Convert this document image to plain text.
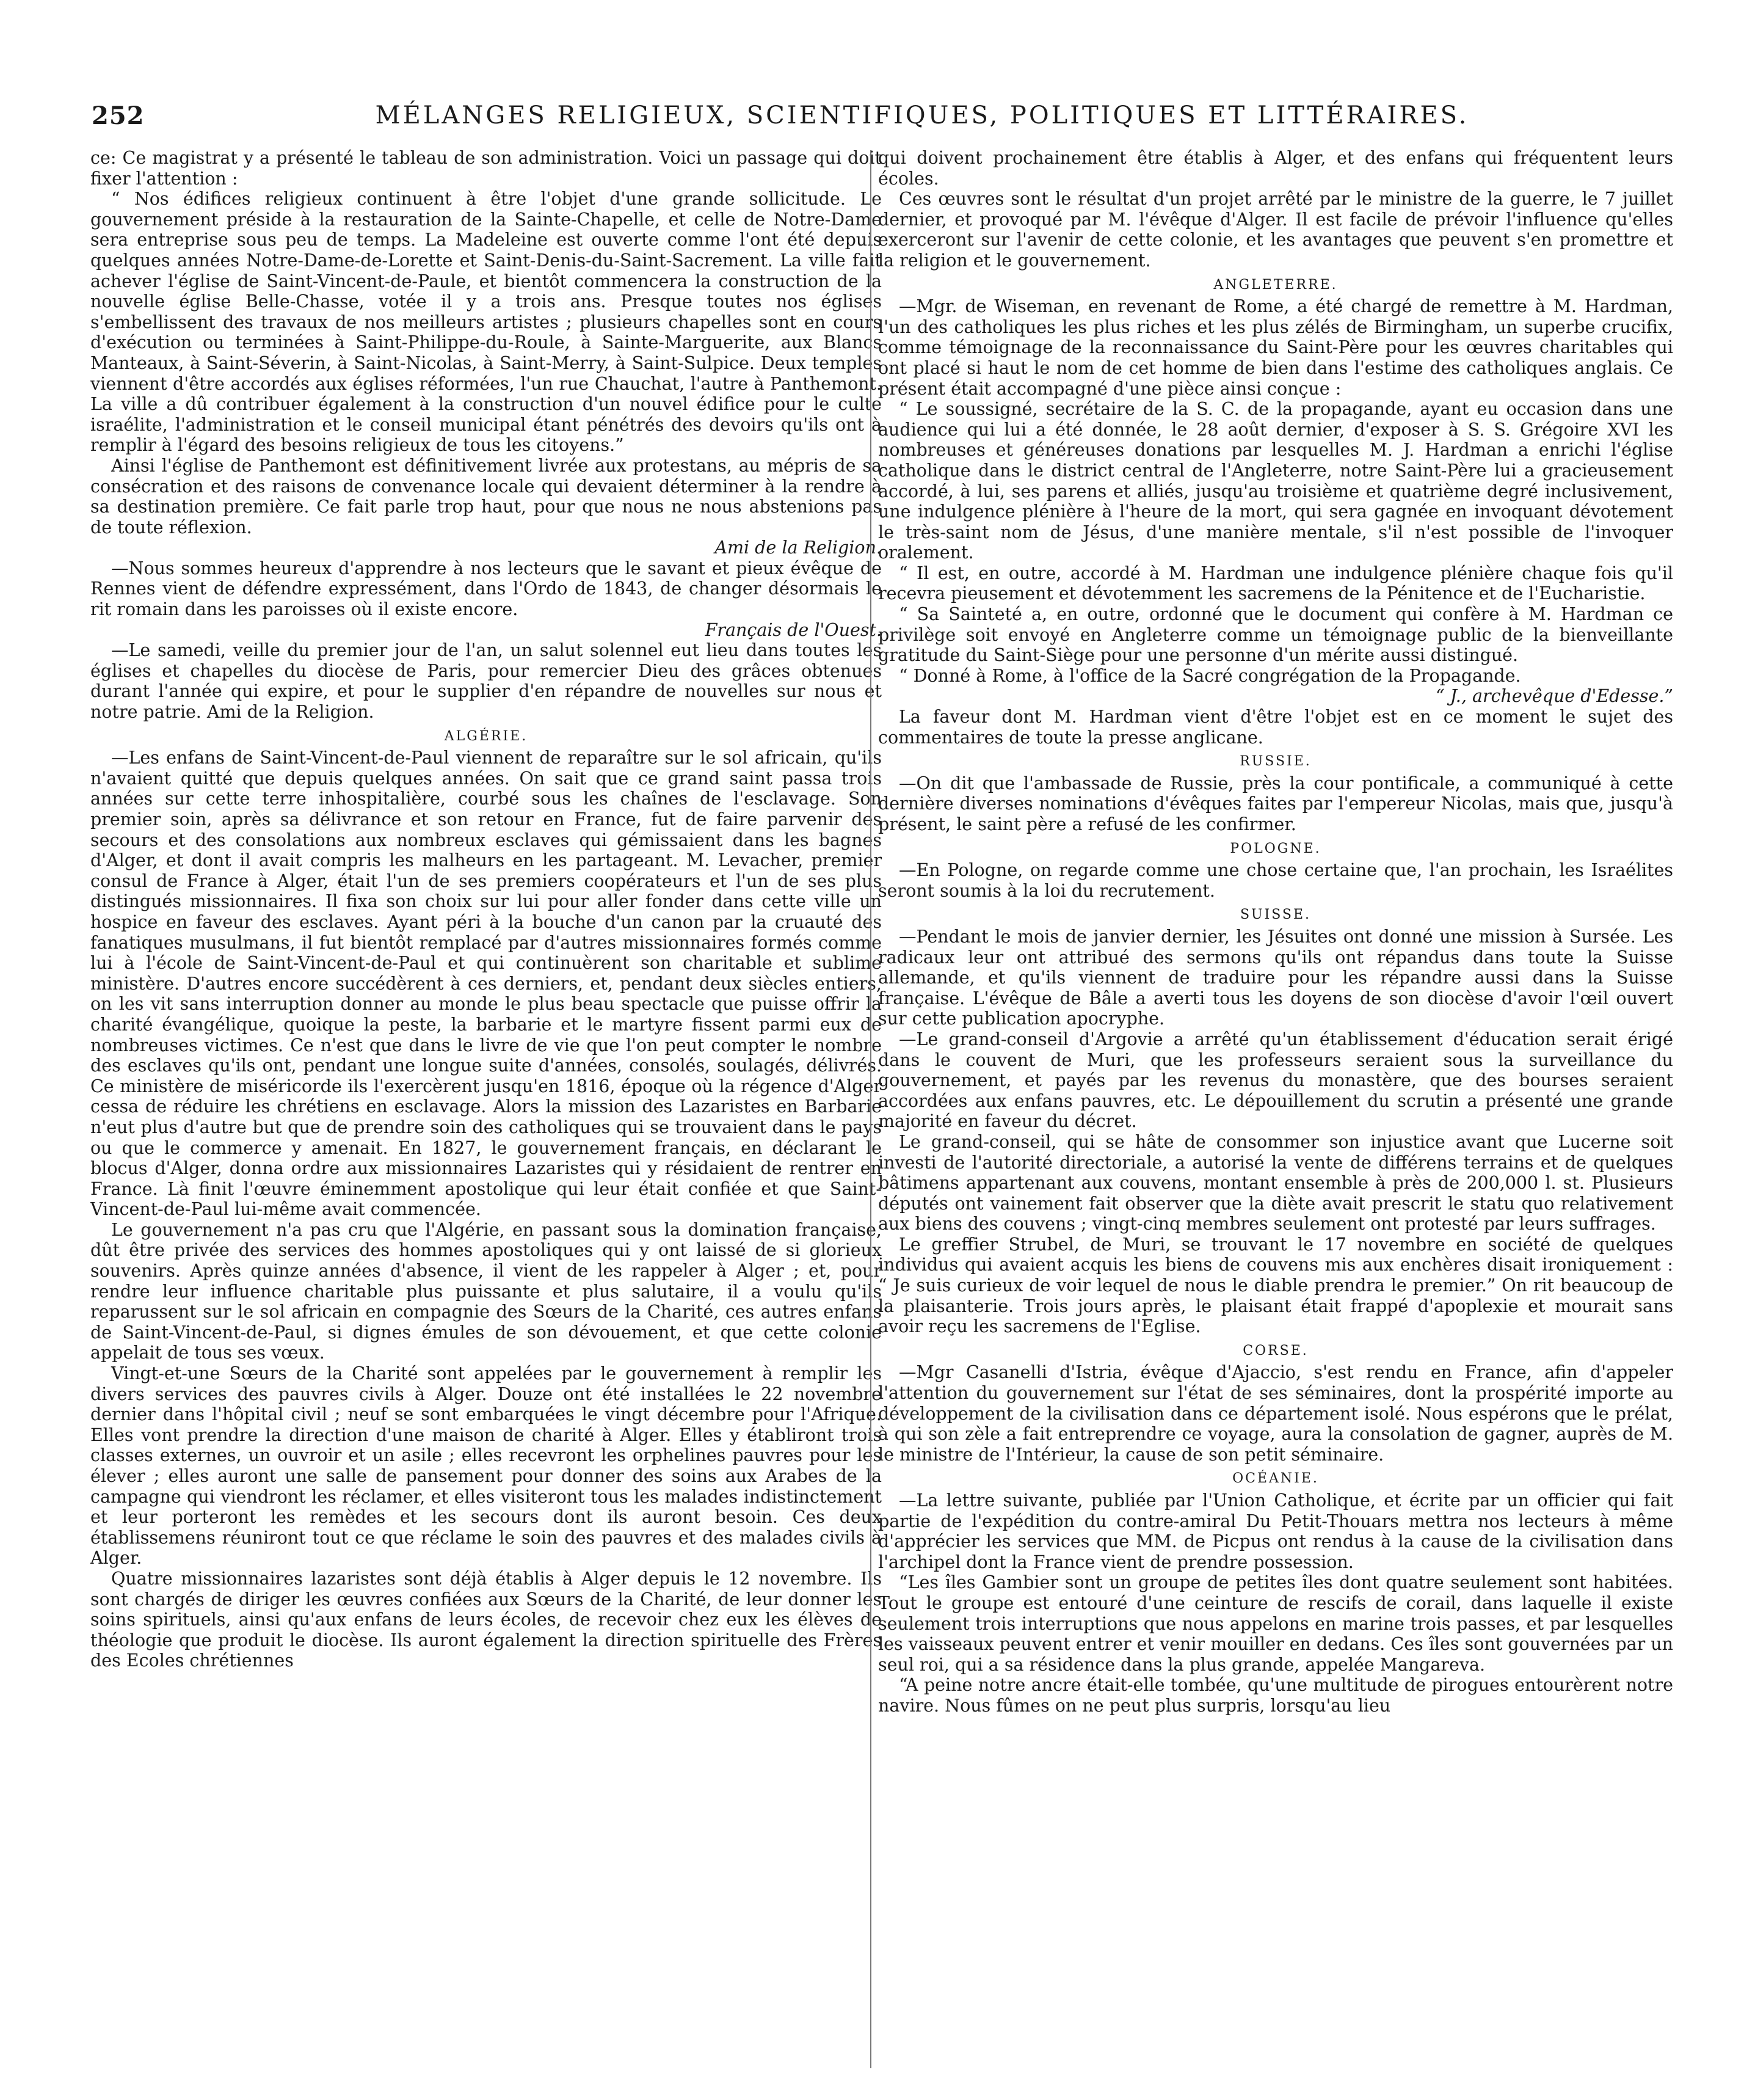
252	MÉLANGES RELIGIEUX, SCIENTIFIQUES, POLITIQUES ET LITTÉRAIRES.

ce: Ce magistrat y a présenté le tableau de son administration. Voici un passage qui doit fixer l'attention :

“ Nos édifices religieux continuent à être l'objet d'une grande sollicitude. Le gouvernement préside à la restauration de la Sainte-Chapelle, et celle de Notre-Dame sera entreprise sous peu de temps. La Madeleine est ouverte comme l'ont été depuis quelques années Notre-Dame-de-Lorette et Saint-Denis-du-Saint-Sacrement. La ville fait achever l'église de Saint-Vincent-de-Paule, et bientôt commencera la construction de la nouvelle église Belle-Chasse, votée il y a trois ans. Presque toutes nos églises s'embellissent des travaux de nos meilleurs artistes ; plusieurs chapelles sont en cours d'exécution ou terminées à Saint-Philippe-du-Roule, à Sainte-Marguerite, aux Blancs Manteaux, à Saint-Séverin, à Saint-Nicolas, à Saint-Merry, à Saint-Sulpice. Deux temples viennent d'être accordés aux églises réformées, l'un rue Chauchat, l'autre à Panthemont. La ville a dû contribuer également à la construction d'un nouvel édifice pour le culte israélite, l'administration et le conseil municipal étant pénétrés des devoirs qu'ils ont à remplir à l'égard des besoins religieux de tous les citoyens.”

Ainsi l'église de Panthemont est définitivement livrée aux protestans, au mépris de sa consécration et des raisons de convenance locale qui devaient déterminer à la rendre à sa destination première. Ce fait parle trop haut, pour que nous ne nous abstenions pas de toute réflexion.

Ami de la Religion.

—Nous sommes heureux d'apprendre à nos lecteurs que le savant et pieux évêque de Rennes vient de défendre expressément, dans l'Ordo de 1843, de changer désormais le rit romain dans les paroisses où il existe encore.

Français de l'Ouest.

—Le samedi, veille du premier jour de l'an, un salut solennel eut lieu dans toutes les églises et chapelles du diocèse de Paris, pour remercier Dieu des grâces obtenues durant l'année qui expire, et pour le supplier d'en répandre de nouvelles sur nous et notre patrie. Ami de la Religion.

ALGÉRIE.

—Les enfans de Saint-Vincent-de-Paul viennent de reparaître sur le sol africain, qu'ils n'avaient quitté que depuis quelques années. On sait que ce grand saint passa trois années sur cette terre inhospitalière, courbé sous les chaînes de l'esclavage. Son premier soin, après sa délivrance et son retour en France, fut de faire parvenir des secours et des consolations aux nombreux esclaves qui gémissaient dans les bagnes d'Alger, et dont il avait compris les malheurs en les partageant. M. Levacher, premier consul de France à Alger, était l'un de ses premiers coopérateurs et l'un de ses plus distingués missionnaires. Il fixa son choix sur lui pour aller fonder dans cette ville un hospice en faveur des esclaves. Ayant péri à la bouche d'un canon par la cruauté des fanatiques musulmans, il fut bientôt remplacé par d'autres missionnaires formés comme lui à l'école de Saint-Vincent-de-Paul et qui continuèrent son charitable et sublime ministère. D'autres encore succédèrent à ces derniers, et, pendant deux siècles entiers, on les vit sans interruption donner au monde le plus beau spectacle que puisse offrir la charité évangélique, quoique la peste, la barbarie et le martyre fissent parmi eux de nombreuses victimes. Ce n'est que dans le livre de vie que l'on peut compter le nombre des esclaves qu'ils ont, pendant une longue suite d'années, consolés, soulagés, délivrés. Ce ministère de miséricorde ils l'exercèrent jusqu'en 1816, époque où la régence d'Alger cessa de réduire les chrétiens en esclavage. Alors la mission des Lazaristes en Barbarie n'eut plus d'autre but que de prendre soin des catholiques qui se trouvaient dans le pays ou que le commerce y amenait. En 1827, le gouvernement français, en déclarant le blocus d'Alger, donna ordre aux missionnaires Lazaristes qui y résidaient de rentrer en France. Là finit l'œuvre éminemment apostolique qui leur était confiée et que Saint-Vincent-de-Paul lui-même avait commencée.

Le gouvernement n'a pas cru que l'Algérie, en passant sous la domination française, dût être privée des services des hommes apostoliques qui y ont laissé de si glorieux souvenirs. Après quinze années d'absence, il vient de les rappeler à Alger ; et, pour rendre leur influence charitable plus puissante et plus salutaire, il a voulu qu'ils reparussent sur le sol africain en compagnie des Sœurs de la Charité, ces autres enfans de Saint-Vincent-de-Paul, si dignes émules de son dévouement, et que cette colonie appelait de tous ses vœux.

Vingt-et-une Sœurs de la Charité sont appelées par le gouvernement à remplir les divers services des pauvres civils à Alger. Douze ont été installées le 22 novembre dernier dans l'hôpital civil ; neuf se sont embarquées le vingt décembre pour l'Afrique. Elles vont prendre la direction d'une maison de charité à Alger. Elles y établiront trois classes externes, un ouvroir et un asile ; elles recevront les orphelines pauvres pour les élever ; elles auront une salle de pansement pour donner des soins aux Arabes de la campagne qui viendront les réclamer, et elles visiteront tous les malades indistinctement et leur porteront les remèdes et les secours dont ils auront besoin. Ces deux établissemens réuniront tout ce que réclame le soin des pauvres et des malades civils à Alger.

Quatre missionnaires lazaristes sont déjà établis à Alger depuis le 12 novembre. Ils sont chargés de diriger les œuvres confiées aux Sœurs de la Charité, de leur donner les soins spirituels, ainsi qu'aux enfans de leurs écoles, de recevoir chez eux les élèves de théologie que produit le diocèse. Ils auront également la direction spirituelle des Frères des Ecoles chrétiennes

qui doivent prochainement être établis à Alger, et des enfans qui fréquentent leurs écoles.

Ces œuvres sont le résultat d'un projet arrêté par le ministre de la guerre, le 7 juillet dernier, et provoqué par M. l'évêque d'Alger. Il est facile de prévoir l'influence qu'elles exerceront sur l'avenir de cette colonie, et les avantages que peuvent s'en promettre et la religion et le gouvernement.

ANGLETERRE.

—Mgr. de Wiseman, en revenant de Rome, a été chargé de remettre à M. Hardman, l'un des catholiques les plus riches et les plus zélés de Birmingham, un superbe crucifix, comme témoignage de la reconnaissance du Saint-Père pour les œuvres charitables qui ont placé si haut le nom de cet homme de bien dans l'estime des catholiques anglais. Ce présent était accompagné d'une pièce ainsi conçue :

“ Le soussigné, secrétaire de la S. C. de la propagande, ayant eu occasion dans une audience qui lui a été donnée, le 28 août dernier, d'exposer à S. S. Grégoire XVI les nombreuses et généreuses donations par lesquelles M. J. Hardman a enrichi l'église catholique dans le district central de l'Angleterre, notre Saint-Père lui a gracieusement accordé, à lui, ses parens et alliés, jusqu'au troisième et quatrième degré inclusivement, une indulgence plénière à l'heure de la mort, qui sera gagnée en invoquant dévotement le très-saint nom de Jésus, d'une manière mentale, s'il n'est possible de l'invoquer oralement.

“ Il est, en outre, accordé à M. Hardman une indulgence plénière chaque fois qu'il recevra pieusement et dévotemment les sacremens de la Pénitence et de l'Eucharistie.

“ Sa Sainteté a, en outre, ordonné que le document qui confère à M. Hardman ce privilège soit envoyé en Angleterre comme un témoignage public de la bienveillante gratitude du Saint-Siège pour une personne d'un mérite aussi distingué.

“ Donné à Rome, à l'office de la Sacré congrégation de la Propagande.

“ J., archevêque d'Edesse.”

La faveur dont M. Hardman vient d'être l'objet est en ce moment le sujet des commentaires de toute la presse anglicane.

RUSSIE.

—On dit que l'ambassade de Russie, près la cour pontificale, a communiqué à cette dernière diverses nominations d'évêques faites par l'empereur Nicolas, mais que, jusqu'à présent, le saint père a refusé de les confirmer.

POLOGNE.

—En Pologne, on regarde comme une chose certaine que, l'an prochain, les Israélites seront soumis à la loi du recrutement.

SUISSE.

—Pendant le mois de janvier dernier, les Jésuites ont donné une mission à Sursée. Les radicaux leur ont attribué des sermons qu'ils ont répandus dans toute la Suisse allemande, et qu'ils viennent de traduire pour les répandre aussi dans la Suisse française. L'évêque de Bâle a averti tous les doyens de son diocèse d'avoir l'œil ouvert sur cette publication apocryphe.

—Le grand-conseil d'Argovie a arrêté qu'un établissement d'éducation serait érigé dans le couvent de Muri, que les professeurs seraient sous la surveillance du gouvernement, et payés par les revenus du monastère, que des bourses seraient accordées aux enfans pauvres, etc. Le dépouillement du scrutin a présenté une grande majorité en faveur du décret.

Le grand-conseil, qui se hâte de consommer son injustice avant que Lucerne soit investi de l'autorité directoriale, a autorisé la vente de différens terrains et de quelques bâtimens appartenant aux couvens, montant ensemble à près de 200,000 l. st. Plusieurs députés ont vainement fait observer que la diète avait prescrit le statu quo relativement aux biens des couvens ; vingt-cinq membres seulement ont protesté par leurs suffrages.

Le greffier Strubel, de Muri, se trouvant le 17 novembre en société de quelques individus qui avaient acquis les biens de couvens mis aux enchères disait ironiquement : “ Je suis curieux de voir lequel de nous le diable prendra le premier.” On rit beaucoup de la plaisanterie. Trois jours après, le plaisant était frappé d'apoplexie et mourait sans avoir reçu les sacremens de l'Eglise.

CORSE.

—Mgr Casanelli d'Istria, évêque d'Ajaccio, s'est rendu en France, afin d'appeler l'attention du gouvernement sur l'état de ses séminaires, dont la prospérité importe au développement de la civilisation dans ce département isolé. Nous espérons que le prélat, à qui son zèle a fait entreprendre ce voyage, aura la consolation de gagner, auprès de M. le ministre de l'Intérieur, la cause de son petit séminaire.

OCÉANIE.

—La lettre suivante, publiée par l'Union Catholique, et écrite par un officier qui fait partie de l'expédition du contre-amiral Du Petit-Thouars mettra nos lecteurs à même d'apprécier les services que MM. de Picpus ont rendus à la cause de la civilisation dans l'archipel dont la France vient de prendre possession.

“Les îles Gambier sont un groupe de petites îles dont quatre seulement sont habitées. Tout le groupe est entouré d'une ceinture de rescifs de corail, dans laquelle il existe seulement trois interruptions que nous appelons en marine trois passes, et par lesquelles les vaisseaux peuvent entrer et venir mouiller en dedans. Ces îles sont gouvernées par un seul roi, qui a sa résidence dans la plus grande, appelée Mangareva.

“A peine notre ancre était-elle tombée, qu'une multitude de pirogues entourèrent notre navire. Nous fûmes on ne peut plus surpris, lorsqu'au lieu
